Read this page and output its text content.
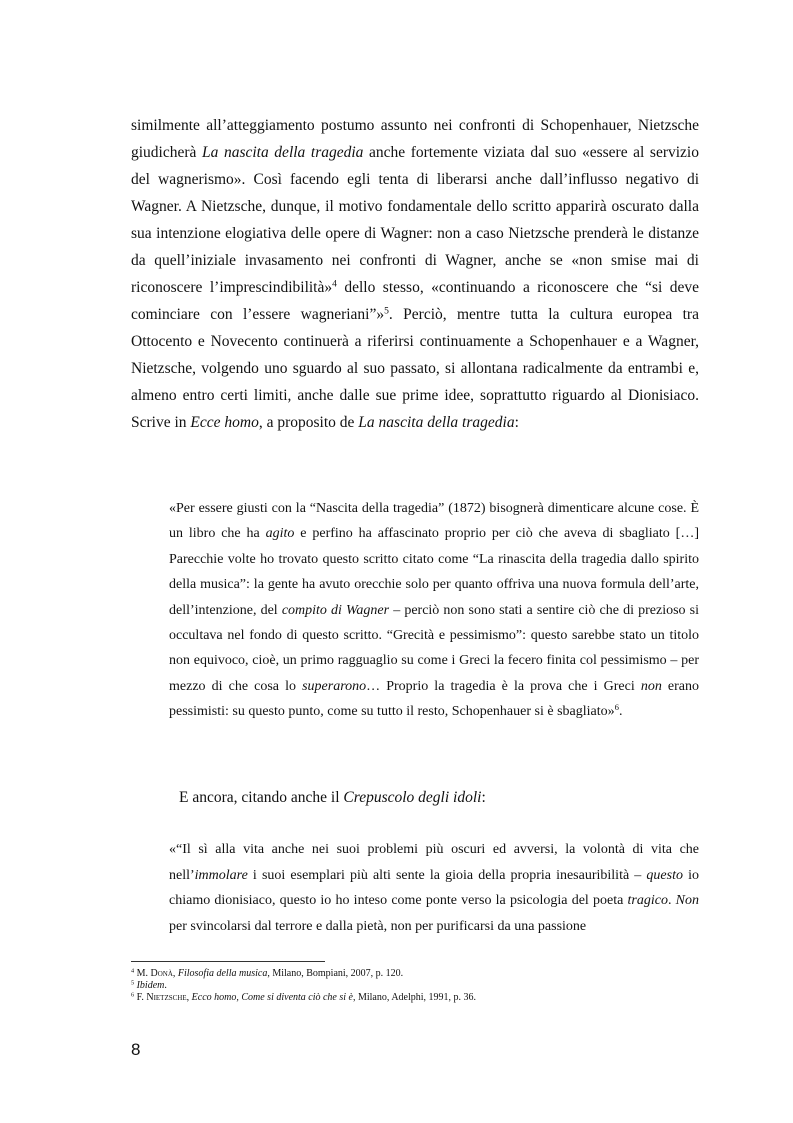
similmente all’atteggiamento postumo assunto nei confronti di Schopenhauer, Nietzsche giudicherà La nascita della tragedia anche fortemente viziata dal suo «essere al servizio del wagnerismo». Così facendo egli tenta di liberarsi anche dall’influsso negativo di Wagner. A Nietzsche, dunque, il motivo fondamentale dello scritto apparirà oscurato dalla sua intenzione elogiativa delle opere di Wagner: non a caso Nietzsche prenderà le distanze da quell’iniziale invasamento nei confronti di Wagner, anche se «non smise mai di riconoscere l’imprescindibilità»$^4$ dello stesso, «continuando a riconoscere che “si deve cominciare con l’essere wagneriani”»$^5$. Perciò, mentre tutta la cultura europea tra Ottocento e Novecento continuerà a riferirsi continuamente a Schopenhauer e a Wagner, Nietzsche, volgendo uno sguardo al suo passato, si allontana radicalmente da entrambi e, almeno entro certi limiti, anche dalle sue prime idee, soprattutto riguardo al Dionisiaco. Scrive in Ecce homo, a proposito de La nascita della tragedia:

«Per essere giusti con la “Nascita della tragedia” (1872) bisognerà dimenticare alcune cose. È un libro che ha agito e perfino ha affascinato proprio per ciò che aveva di sbagliato […] Parecchie volte ho trovato questo scritto citato come “La rinascita della tragedia dallo spirito della musica”: la gente ha avuto orecchie solo per quanto offriva una nuova formula dell’arte, dell’intenzione, del compito di Wagner – perciò non sono stati a sentire ciò che di prezioso si occultava nel fondo di questo scritto. “Grecità e pessimismo”: questo sarebbe stato un titolo non equivoco, cioè, un primo ragguaglio su come i Greci la fecero finita col pessimismo – per mezzo di che cosa lo superarono… Proprio la tragedia è la prova che i Greci non erano pessimisti: su questo punto, come su tutto il resto, Schopenhauer si è sbagliato»$^6$.

E ancora, citando anche il Crepuscolo degli idoli:

«“Il sì alla vita anche nei suoi problemi più oscuri ed avversi, la volontà di vita che nell’immolare i suoi esemplari più alti sente la gioia della propria inesauribilità – questo io chiamo dionisiaco, questo io ho inteso come ponte verso la psicologia del poeta tragico. Non per svincolarsi dal terrore e dalla pietà, non per purificarsi da una passione

$^4$ M. Donà, Filosofia della musica, Milano, Bompiani, 2007, p. 120.

$^5$ Ibidem.

$^6$ F. Nietzsche, Ecco homo, Come si diventa ciò che si è, Milano, Adelphi, 1991, p. 36.

8
